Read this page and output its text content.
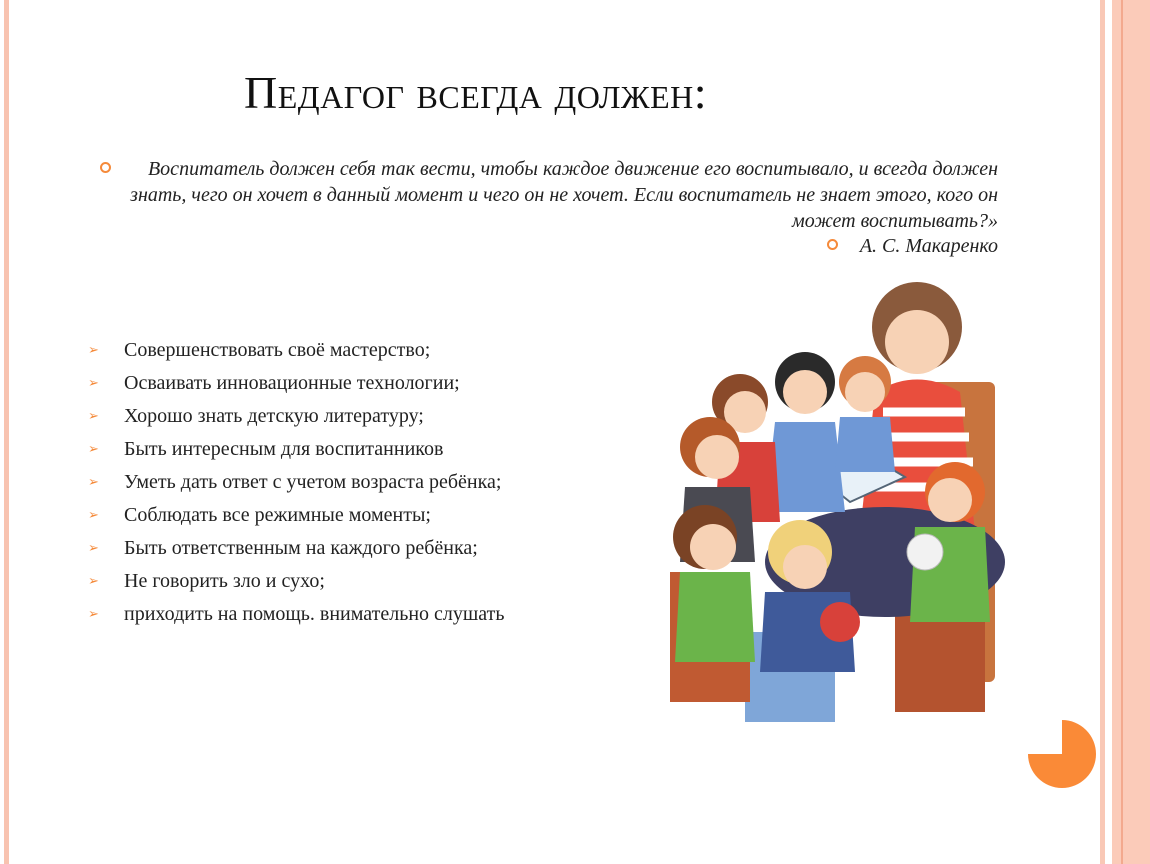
Педагог всегда должен:
Воспитатель должен себя так вести, чтобы каждое движение его воспитывало, и всегда должен знать, чего он хочет в данный момент и чего он не хочет. Если воспитатель не знает этого, кого он может воспитывать?»
А. С. Макаренко
➢	Совершенствовать своё мастерство;
➢	Осваивать инновационные технологии;
➢	Хорошо знать детскую литературу;
➢	Быть интересным для воспитанников
➢	Уметь дать ответ с учетом возраста ребёнка;
➢	Соблюдать все режимные моменты;
➢	Быть ответственным на каждого ребёнка;
➢	Не говорить зло и сухо;
➢	приходить на помощь. внимательно слушать
